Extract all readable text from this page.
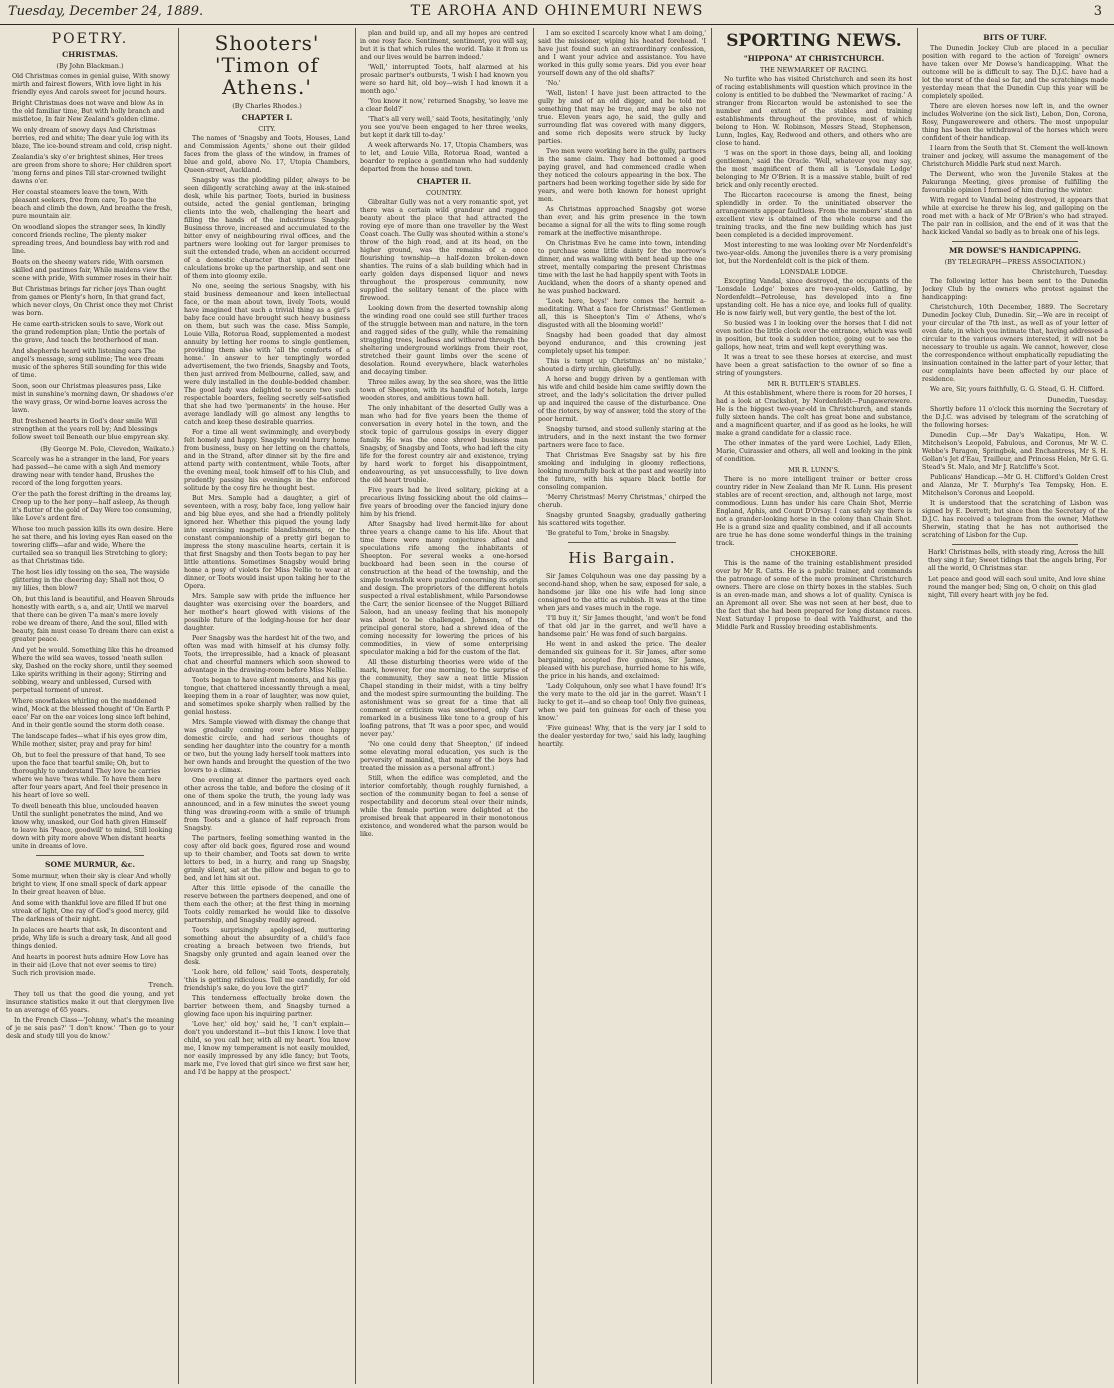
Tuesday, December 24, 1889.	TE AROHA AND OHINEMURI NEWS	3
POETRY.
CHRISTMAS.
(By John Blackman.)
Old Christmas comes in genial guise, With snowy mirth and fairest flowers, With love light in his friendly eyes And carols sweet for jocund hours.
Bright Christmas does not wave and blow As in the old familiar time, But with holly branch and mistletoe, In fair New Zealand's golden clime.
We only dream of snowy days And Christmas berries, red and white; The dear yule log with its blaze, The ice-bound stream and cold, crisp night.
Zealandia's sky o'er brightest shines, Her trees are green from shore to shore; Her children sport 'mong ferns and pines Till star-crowned twilight dawns o'er.
Her coastal steamers leave the town, With pleasant seekers, free from care, To pace the beach and climb the down, And breathe the fresh, pure mountain air.
On woodland slopes the stranger sees, In kindly concord friends recline, The plenty maker spreading trees, And boundless bay with rod and line.
Boats on the sheeny waters ride, With oarsmen skilled and pastimes fair, While maidens view the scene with pride, With summer roses in their hair.
But Christmas brings far richer joys Than ought from games or Plenty's horn, In that grand fact, which never cloys, On Christ once they met Christ was born.
He came earth-stricken souls to save, Work out the grand redemption plan; Untie the portals of the grave, And teach the brotherhood of man.
And shepherds heard with listening ears The angel's message, song sublime; The wee dream music of the spheres Still sounding for this wide of time.
Soon, soon our Christmas pleasures pass, Like mist in sunshine's morning dawn, Or shadows o'er the wavy grass, Or wind-borne leaves across the lawn.
But freshened hearts in God's dear smile Will strengthen at the years roll by; And blessings follow sweet toil Beneath our blue empyrean sky.
(By George M. Pole, Clevedon, Waikato.)
Scarcely was he a stranger in the land, For years had passed—he came with a sigh And memory drawing near with tender hand, Brushes the record of the long forgotten years.
O'er the path the forest drifting in the dreams lay, Creep up to the her pony—half asleep, As though it's flutter of the gold of Day Were too consuming, like Love's ardent fire.
Whose too much passion kills its own desire. Here he sat there, and his loving eyes Ran eased on the towering cliffs—afar and wide, Where the curtailed sea so tranquil lies Stretching to glory; as that Christmas tide.
The host lies idly tossing on the sea, The wayside glittering in the cheering day; Shall not thou, O my lilies, then blow?
Oh, but this land is beautiful, and Heaven Shrouds honestly with earth, s a, and air, Until we marvel that there can be given T'a man's mere lovely robe we dream of there, And the soul, filled with beauty, fain must cease To dream there can exist a greater peace.
And yet he would. Something like this he dreamed Where the wild sea waves, tossed 'neath sullen sky, Dashed on the rocky shore, until they seemed Like spirits writhing in their agony; Stirring and sobbing, weary and unblessed, Cursed with perpetual torment of unrest.
Where snowflakes whirling on the maddened wind, Mock at the blessed thought of 'On Earth P eace' Far on the ear voices long since left behind, And in their gentle sound the storm doth cease.
The landscape fades—what if his eyes grow dim, While mother, sister, pray and pray for him!
Oh, but to feel the pressure of that hand, To see upon the face that tearful smile; Oh, but to thoroughly to understand They love he carries where we have 'twas while. To have them here after four years apart, And feel their presence in his heart of love so well.
To dwell beneath this blue, unclouded heaven Until the sunlight penetrates the mind, And we know why, unasked, our God hath given Himself to leave his 'Peace, goodwill' to mind, Still looking down with pity more above When distant hearts unite in dreams of love.
SOME MURMUR, &c.
Some murmur, when their sky is clear And wholly bright to view, If one small speck of dark appear In their great heaven of blue.
And some with thankful love are filled If but one streak of light, One ray of God's good mercy, gild The darkness of their night.
In palaces are hearts that ask, In discontent and pride, Why life is such a dreary task, And all good things denied.
And hearts in poorest huts admire How Love has in their aid (Love that not ever seems to tire) Such rich provision made.
Trench.

They tell us that the good die young, and yet insurance statistics make it out that clergymen live to an average of 65 years.

In the French Class—'Johnny, what's the meaning of je ne sais pas?' 'I don't know.' 'Then go to your desk and study till you do know.'

Shooters' 'Timon of Athens.'
(By Charles Rhodes.)
CHAPTER I.
CITY.

The names of 'Snagsby and Toots, Houses, Land and Commission Agents,' shone out their gilded faces from the glass of the window, in frames of blue and gold, above No. 17, Utopia Chambers, Queen-street, Auckland.

Snagsby was the plodding pilder, always to be seen diligently scratching away at the ink-stained desk, while his partner, Toots, buried in business outside, acted the genial gentleman, bringing clients into the web, challenging the heart and filling the hands of the industrious Snagsby. Business throve, increased and accumulated to the bitter envy of neighbouring rival offices, and the partners were looking out for larger premises to suit the extended trade, when an accident occurred of a domestic character that upset all their calculations broke up the partnership, and sent one of them into gloomy exile.

No one, seeing the serious Snagsby, with his staid business demeanour and keen intellectual face, or the man about town, lively Toots, would have imagined that such a trivial thing as a girl's baby face could have brought such heavy business on them, but such was the case. Miss Sample, Louie Villa, Rotorua Road, supplemented a modest annuity by letting her rooms to single gentlemen, providing them also with 'all the comforts of a home.' In answer to her temptingly worded advertisement, the two friends, Snagsby and Toots, then just arrived from Melbourne, called, saw, and were duly installed in the double-bedded chamber. The good lady was delighted to secure two such respectable boarders, feeling secretly self-satisfied that she had two 'permanents' in the house. Her average landlady will go almost any lengths to catch and keep these desirable quarries.

For a time all went swimmingly, and everybody felt homely and happy. Snagsby would hurry home from business, busy on her letting on the chattels, and in the Strand, after dinner sit by the fire and attend party with contentment, while Toots, after the evening meal, took himself off to his Club, and prudently passing his evenings in the enforced solitude by the cosy fire he thought best.

But Mrs. Sample had a daughter, a girl of seventeen, with a rosy, baby face, long yellow hair and big blue eyes, and she had a friendly politely ignored her. Whether this piqued the young lady into exercising magnetic blandishments, or the constant companionship of a pretty girl began to impress the stony masculine hearts, certain it is that first Snagsby and then Toots began to pay her little attentions. Sometimes Snagsby would bring home a posy of violets for Miss Nellie to wear at dinner, or Toots would insist upon taking her to the Opera.

Mrs. Sample saw with pride the influence her daughter was exercising over the boarders, and her mother's heart glowed with visions of the possible future of the lodging-house for her dear daughter.

Peer Snagsby was the hardest hit of the two, and often was mad with himself at his clumsy folly. Toots, the irrepressible, had a knack of pleasant chat and cheerful manners which soon showed to advantage in the drawing-room before Miss Nellie.

Toots began to have silent moments, and his gay tongue, that chattered incessantly through a meal, keeping them in a roar of laughter, was now quiet, and sometimes spoke sharply when rallied by the genial hostess.

Mrs. Sample viewed with dismay the change that was gradually coming over her once happy domestic circle, and had serious thoughts of sending her daughter into the country for a month or two, but the young lady herself took matters into her own hands and brought the question of the two lovers to a climax.

One evening at dinner the partners eyed each other across the table, and before the closing of it one of them spoke the truth, the young lady was announced, and in a few minutes the sweet young thing was drawing-room with a smile of triumph from Toots and a glance of half reproach from Snagsby.

The partners, feeling something wanted in the cosy after old back goes, figured rose and wound up to their chamber, and Toots sat down to write letters to bed, in a hurry, and rang up Snagsby, grimly silent, sat at the pillow and began to go to bed, and let him sit out.

After this little episode of the canaille the reserve between the partners deepened, and one of them each the other; at the first thing in morning Toots coldly remarked he would like to dissolve partnership, and Snagsby readily agreed.

Toots surprisingly apologised, muttering something about the absurdity of a child's face creating a breach between two friends, but Snagsby only grunted and again leaned over the desk.

'Look here, old fellow,' said Toots, desperately, 'this is getting ridiculous. Tell me candidly, for old friendship's sake, do you love the girl?'

This tenderness effectually broke down the barrier between them, and Snagsby turned a glowing face upon his inquiring partner.

'Love her,' old boy,' said he, 'I can't explain—don't you understand it—but this I know. I love that child, so you call her, with all my heart. You know me, I know my temperament is not easily moulded, nor easily impressed by any idle fancy; but Toots, mark me, I've loved that girl since we first saw her, and I'd be happy at the prospect.'

plan and build up, and all my hopes are centred in one rosy face. Sentiment, sentiment, you will say, but it is that which rules the world. Take it from us and our lives would be barren indeed.'

'Well,' interrupted Toots, half alarmed at his prosaic partner's outbursts, 'I wish I had known you were so hard hit, old boy—wish I had known it a month ago.'

'You know it now,' returned Snagsby, 'so leave me a clear field?'

'That's all very well,' said Toots, hesitatingly, 'only you see you've been engaged to her three weeks, but kept it dark till to-day.'

A week afterwards No. 17, Utopia Chambers, was to let, and Louie Villa, Rotorua Road, wanted a boarder to replace a gentleman who had suddenly departed from the house and town.

CHAPTER II.
COUNTRY.

Gibraltar Gully was not a very romantic spot, yet there was a certain wild grandeur and rugged beauty about the place that had attracted the roving eye of more than one traveller by the West Coast coach. The Gully was shouted within a stone's throw of the high road, and at its head, on the higher ground, was the remains of a once flourishing township—a half-dozen broken-down shanties. The ruins of a slab building which had in early golden days dispensed liquor and news throughout the prosperous community, now supplied the solitary tenant of the place with firewood.

Looking down from the deserted township along the winding road one could see still further traces of the struggle between man and nature, in the torn and ragged sides of the gully, while the remaining straggling trees, leafless and withered through the sheltering underground workings from their root, stretched their gaunt limbs over the scene of desolation. Round everywhere, black waterholes and decaying timber.

Three miles away, by the sea shore, was the little town of Sheepton, with its handful of hotels, large wooden stores, and ambitious town hall.

The only inhabitant of the deserted Gully was a man who had for five years been the theme of conversation in every hotel in the town, and the stock topic of garrulous gossips in every digger family. He was the once shrewd business man Snagsby, of Snagsby and Toots, who had left the city life for the forest country air and existence, trying by hard work to forget his disappointment, endeavouring, as yet unsuccessfully, to live down the old heart trouble.

Five years had he lived solitary, picking at a precarious living fossicking about the old claims—five years of brooding over the fancied injury done him by his friend.

After Snagsby had lived hermit-like for about three years a change came to his life. About that time there were many conjectures afloat and speculations rife among the inhabitants of Sheepton. For several weeks a one-horsed buckboard had been seen in the course of construction at the head of the township, and the simple townsfolk were puzzled concerning its origin and design. The proprietors of the different hotels suspected a rival establishment, while Parsondowse the Carr, the senior licensee of the Nugget Billiard Saloon, had an uneasy feeling that his monopoly was about to be challenged. Johnson, of the principal general store, had a shrewd idea of the coming necessity for lowering the prices of his commodities, in view of some enterprising speculator making a bid for the custom of the flat.

All these disturbing theories were wide of the mark, however, for one morning, to the surprise of the community, they saw a neat little Mission Chapel standing in their midst, with a tiny belfry and the modest spire surmounting the building. The astonishment was so great for a time that all comment or criticism was smothered, only Carr remarked in a business like tone to a group of his loafing patrons, that 'It was a poor spec, and would never pay.'

'No one could deny that Sheepton,' (if indeed some elevating moral education, yes such is the perversity of mankind, that many of the boys had treated the mission as a personal affront.)

Still, when the edifice was completed, and the interior comfortably, though roughly furnished, a section of the community began to feel a sense of respectability and decorum steal over their minds, while the female portion were delighted at the promised break that appeared in their monotonous existence, and wondered what the parson would be like.

I am so excited I scarcely know what I am doing,' said the missioner, wiping his heated forehead. 'I have just found such an extraordinary confession, and I want your advice and assistance. You have worked in this gully some years. Did you ever hear yourself down any of the old shafts?'

'No.'

'Well, listen! I have just been attracted to the gully by and of an old digger, and he told me something that may be true, and may be also not true. Eleven years ago, he said, the gully and surrounding flat was covered with many diggers, and some rich deposits were struck by lucky parties.

Two men were working here in the gully, partners in the same claim. They had bottomed a good paying gravel, and had commenced cradle when they noticed the colours appearing in the box. The partners had been working together side by side for years, and were both known for honest upright men.

As Christmas approached Snagsby got worse than ever, and his grim presence in the town became a signal for all the wits to fling some rough remark at the ineffective misanthrope.

On Christmas Eve he came into town, intending to purchase some little dainty for the morrow's dinner, and was walking with bent head up the one street, mentally comparing the present Christmas time with the last he had happily spent with Toots in Auckland, when the doors of a shanty opened and he was pushed backward.

'Look here, boys!' here comes the hermit a-meditating. What a face for Christmas!' Gentlemen all, this is Sheepton's Tim o' Athens, who's disgusted with all the blooming world!'

Snagsby had been goaded that day almost beyond endurance, and this crowning jest completely upset his temper.

This is tempt up Christmas an' no mistake,' shouted a dirty urchin, gleefully.

A horse and buggy driven by a gentleman with his wife and child beside him came swiftly down the street, and the lady's solicitation the driver pulled up and inquired the cause of the disturbance. One of the rioters, by way of answer, told the story of the poor hermit.

Snagsby turned, and stood sullenly staring at the intruders, and in the next instant the two former partners were face to face.

That Christmas Eve Snagsby sat by his fire smoking and indulging in gloomy reflections, looking mournfully back at the past and wearily into the future, with his square black bottle for consoling companion.

'Merry Christmas! Merry Christmas,' chirped the cherub.

Snagsby grunted Snagsby, gradually gathering his scattered wits together.

'Be grateful to Tom,' broke in Snagsby.

His Bargain.

Sir James Colquhoun was one day passing by a second-hand shop, when he saw, exposed for sale, a handsome jar like one his wife had long since consigned to the attic as rubbish. It was at the time when jars and vases much in the rage.

'I'll buy it,' Sir James thought, 'and won't be fond of that old jar in the garret, and we'll have a handsome pair.' He was fond of such bargains.

He went in and asked the price. The dealer demanded six guineas for it. Sir James, after some bargaining, accepted five guineas, Sir James, pleased with his purchase, hurried home to his wife, the price in his hands, and exclaimed:

'Lady Colquhoun, only see what I have found! It's the very mate to the old jar in the garret. Wasn't I lucky to get it—and so cheap too! Only five guineas, when we paid ten guineas for each of these you know.'

'Five guineas! Why, that is the very jar I sold to the dealer yesterday for two,' said his lady, laughing heartily.

SPORTING NEWS.
"HIPPONA" AT CHRISTCHURCH.
THE NEWMARKET OF RACING.

No turfite who has visited Christchurch and seen its host of racing establishments will question which province in the colony is entitled to be dubbed the 'Newmarket of racing.' A stranger from Riccarton would be astonished to see the number and extent of the stables and training establishments throughout the province, most of which belong to Hon. W. Robinson, Messrs Stead, Stephenson, Lunn, Ingles, Kay, Redwood and others, and others who are close to hand.

'I was on the sport in those days, being all, and looking gentlemen,' said the Oracle. 'Well, whatever you may say, the most magnificent of them all is 'Lonsdale Lodge' belonging to Mr O'Brien. It is a massive stable, built of red brick and only recently erected.

The Riccarton racecourse is among the finest, being splendidly in order. To the uninitiated observer the arrangements appear faultless. From the members' stand an excellent view is obtained of the whole course and the training tracks, and the fine new building which has just been completed is a decided improvement.

Most interesting to me was looking over Mr Nordenfeldt's two-year-olds. Among the juveniles there is a very promising lot, but the Nordenfeldt colt is the pick of them.

LONSDALE LODGE.

Excepting Vandal, since destroyed, the occupants of the 'Lonsdale Lodge' boxes are two-year-olds, Gatling, by Nordenfeldt—Petroleuse, has developed into a fine upstanding colt. He has a nice eye, and looks full of quality. He is now fairly well, but very gentle, the best of the lot.

So busied was I in looking over the horses that I did not even notice the little clock over the entrance, which was well in position, but took a sudden notice, going out to see the gallops, how neat, trim and well kept everything was.

It was a treat to see these horses at exercise, and must have been a great satisfaction to the owner of so fine a string of youngsters.

MR R. BUTLER'S STABLES.

At this establishment, where there is room for 20 horses, I had a look at Crackshot, by Nordenfeldt—Pungawerewere. He is the biggest two-year-old in Christchurch, and stands fully sixteen hands. The colt has great bone and substance, and a magnificent quarter, and if as good as he looks, he will make a grand candidate for a classic race.

The other inmates of the yard were Lochiel, Lady Ellen, Marie, Cuirassier and others, all well and looking in the pink of condition.

MR R. LUNN'S.

There is no more intelligent trainer or better cross country rider in New Zealand than Mr R. Lunn. His present stables are of recent erection, and, although not large, most commodious. Lunn has under his care Chain Shot, Merrie England, Aphis, and Count D'Orsay. I can safely say there is not a grander-looking horse in the colony than Chain Shot. He is a grand size and quality combined, and if all accounts are true he has done some wonderful things in the training track.

CHOKEBORE.

This is the name of the training establishment presided over by Mr R. Catts. He is a public trainer, and commands the patronage of some of the more prominent Christchurch owners. There are close on thirty boxes in the stables. Such is an even-made man, and shows a lot of quality. Cynisca is an Apremont all over. She was not seen at her best, due to the fact that she had been prepared for long distance races. Next Saturday I propose to deal with Yaldhurst, and the Middle Park and Russley breeding establishments.

BITS OF TURF.

The Dunedin Jockey Club are placed in a peculiar position with regard to the action of 'foreign' owners have taken over Mr Dowse's handicapping. What the outcome will be is difficult to say. The D.J.C. have had a lot the worst of the deal so far, and the scratchings made yesterday mean that the Dunedin Cup this year will be completely spoiled.

There are eleven horses now left in, and the owner includes Wolverine (on the sick list), Lebon, Don, Corona, Rosy, Pungawerewere and others. The most unpopular thing has been the withdrawal of the horses which were confident of their handicap.

I learn from the South that St. Clement the well-known trainer and jockey, will assume the management of the Christchurch Middle Park stud next March.

The Derwent, who won the Juvenile Stakes at the Pakuranga Meeting, gives promise of fulfilling the favourable opinion I formed of him during the winter.

With regard to Vandal being destroyed, it appears that while at exercise he threw his leg, and galloping on the road met with a hack of Mr O'Brien's who had strayed. The pair ran in collision, and the end of it was that the hack kicked Vandal so badly as to break one of his legs.

MR DOWSE'S HANDICAPPING.
(BY TELEGRAPH—PRESS ASSOCIATION.)
Christchurch, Tuesday.

The following letter has been sent to the Dunedin Jockey Club by the owners who protest against the handicapping:

Christchurch, 10th December, 1889. The Secretary Dunedin Jockey Club, Dunedin. Sir,—We are in receipt of your circular of the 7th inst., as well as of your letter of even date, in which you intimate that, having addressed a circular to the various owners interested, it will not be necessary to trouble us again. We cannot, however, close the correspondence without emphatically repudiating the insinuation contained in the latter part of your letter, that our complaints have been affected by our place of residence.

We are, Sir, yours faithfully, G. G. Stead, G. H. Clifford.

Dunedin, Tuesday.

Shortly before 11 o'clock this morning the Secretary of the D.J.C. was advised by telegram of the scratching of the following horses:

Dunedin Cup.—Mr Day's Wakatipu, Hon. W. Mitchelson's Leopold, Fabulous, and Coronus, Mr W. C. Webbe's Paragon, Springbok, and Enchantress, Mr S. H. Gollan's Jet d'Eau, Trailleur, and Princess Helen, Mr G. G. Stead's St. Malo, and Mr J. Ratcliffe's Scot.

Publicans' Handicap.—Mr G. H. Clifford's Golden Crest and Alanza, Mr T. Murphy's Tea Tempsky, Hon. E. Mitchelson's Coronus and Leopold.

It is understood that the scratching of Lisbon was signed by E. Derrett; but since then the Secretary of the D.J.C. has received a telegram from the owner, Mathew Sherwin, stating that he has not authorised the scratching of Lisbon for the Cup.

Hark! Christmas bells, with steady ring, Across the hill they sing it far; Sweet tidings that the angels bring, For all the world, O Christmas star.
Let peace and good will each soul unite, And love shine round the manger bed; Sing on, O choir, on this glad night, Till every heart with joy be fed.
